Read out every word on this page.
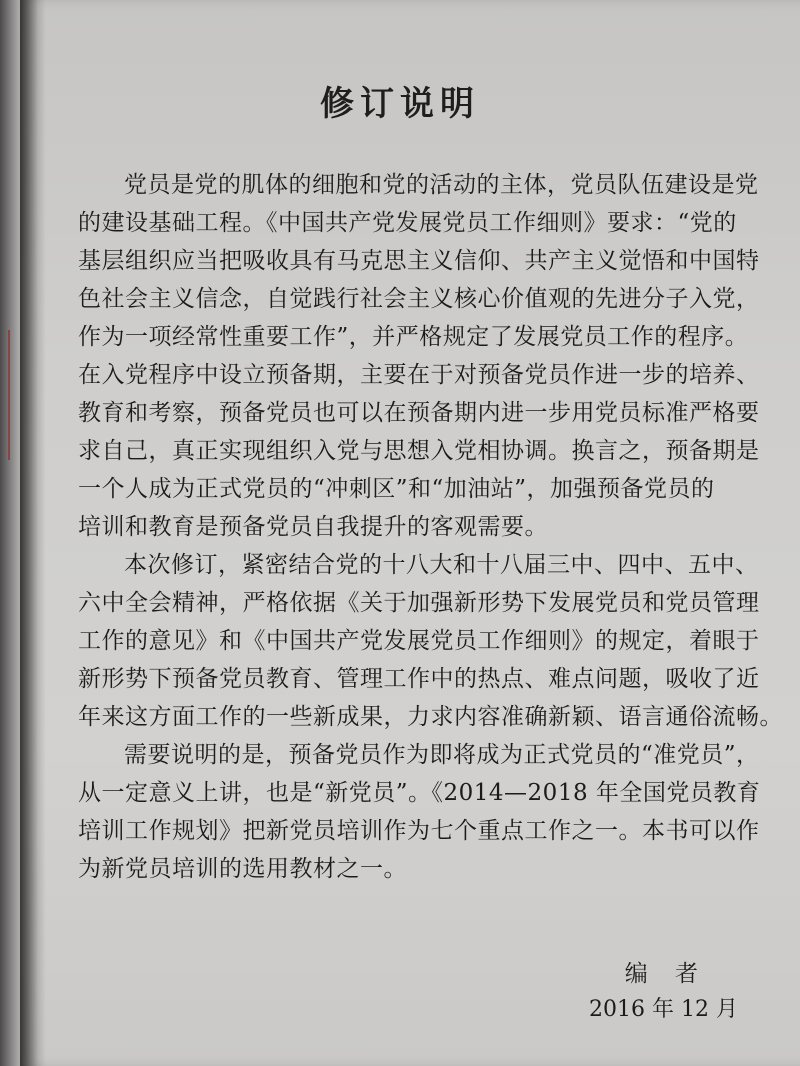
修订说明

党员是党的肌体的细胞和党的活动的主体，党员队伍建设是党
的建设基础工程。《中国共产党发展党员工作细则》要求：“党的
基层组织应当把吸收具有马克思主义信仰、共产主义觉悟和中国特
色社会主义信念，自觉践行社会主义核心价值观的先进分子入党，
作为一项经常性重要工作”，并严格规定了发展党员工作的程序。
在入党程序中设立预备期，主要在于对预备党员作进一步的培养、
教育和考察，预备党员也可以在预备期内进一步用党员标准严格要
求自己，真正实现组织入党与思想入党相协调。换言之，预备期是
一个人成为正式党员的“冲刺区”和“加油站”，加强预备党员的
培训和教育是预备党员自我提升的客观需要。

本次修订，紧密结合党的十八大和十八届三中、四中、五中、
六中全会精神，严格依据《关于加强新形势下发展党员和党员管理
工作的意见》和《中国共产党发展党员工作细则》的规定，着眼于
新形势下预备党员教育、管理工作中的热点、难点问题，吸收了近
年来这方面工作的一些新成果，力求内容准确新颖、语言通俗流畅。

需要说明的是，预备党员作为即将成为正式党员的“准党员”，
从一定意义上讲，也是“新党员”。《2014—2018 年全国党员教育
培训工作规划》把新党员培训作为七个重点工作之一。本书可以作
为新党员培训的选用教材之一。

编 者
2016 年 12 月
